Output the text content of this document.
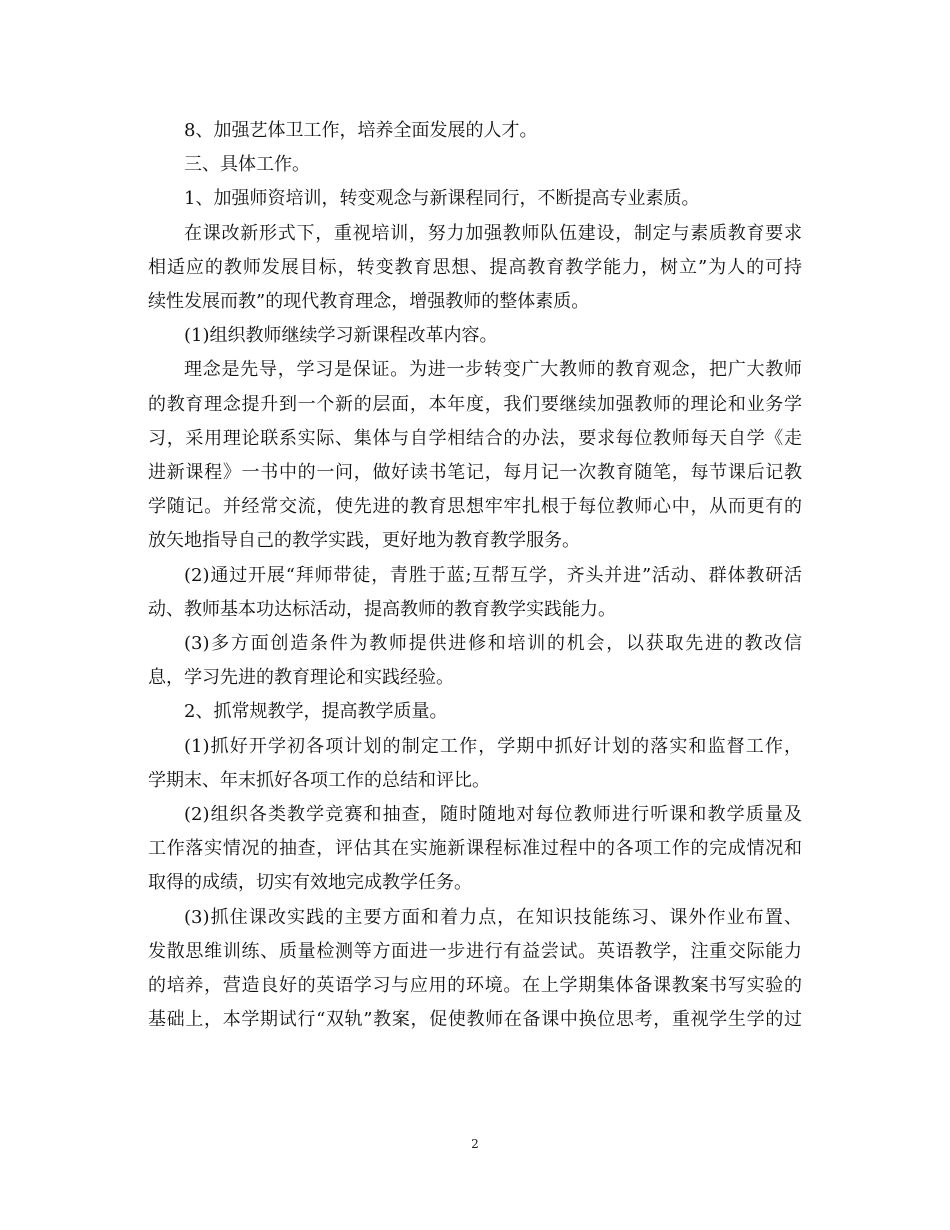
8、加强艺体卫工作，培养全面发展的人才。
三、具体工作。
1、加强师资培训，转变观念与新课程同行，不断提高专业素质。
在课改新形式下，重视培训，努力加强教师队伍建设，制定与素质教育要求
相适应的教师发展目标，转变教育思想、提高教育教学能力，树立”为人的可持
续性发展而教”的现代教育理念，增强教师的整体素质。
(1)组织教师继续学习新课程改革内容。
理念是先导，学习是保证。为进一步转变广大教师的教育观念，把广大教师
的教育理念提升到一个新的层面，本年度，我们要继续加强教师的理论和业务学
习，采用理论联系实际、集体与自学相结合的办法，要求每位教师每天自学《走
进新课程》一书中的一问，做好读书笔记，每月记一次教育随笔，每节课后记教
学随记。并经常交流，使先进的教育思想牢牢扎根于每位教师心中，从而更有的
放矢地指导自己的教学实践，更好地为教育教学服务。
(2)通过开展“拜师带徒，青胜于蓝;互帮互学，齐头并进”活动、群体教研活
动、教师基本功达标活动，提高教师的教育教学实践能力。
(3)多方面创造条件为教师提供进修和培训的机会，以获取先进的教改信
息，学习先进的教育理论和实践经验。
2、抓常规教学，提高教学质量。
(1)抓好开学初各项计划的制定工作，学期中抓好计划的落实和监督工作，
学期末、年末抓好各项工作的总结和评比。
(2)组织各类教学竞赛和抽查，随时随地对每位教师进行听课和教学质量及
工作落实情况的抽查，评估其在实施新课程标准过程中的各项工作的完成情况和
取得的成绩，切实有效地完成教学任务。
(3)抓住课改实践的主要方面和着力点，在知识技能练习、课外作业布置、
发散思维训练、质量检测等方面进一步进行有益尝试。英语教学，注重交际能力
的培养，营造良好的英语学习与应用的环境。在上学期集体备课教案书写实验的
基础上，本学期试行“双轨”教案，促使教师在备课中换位思考，重视学生学的过
2
